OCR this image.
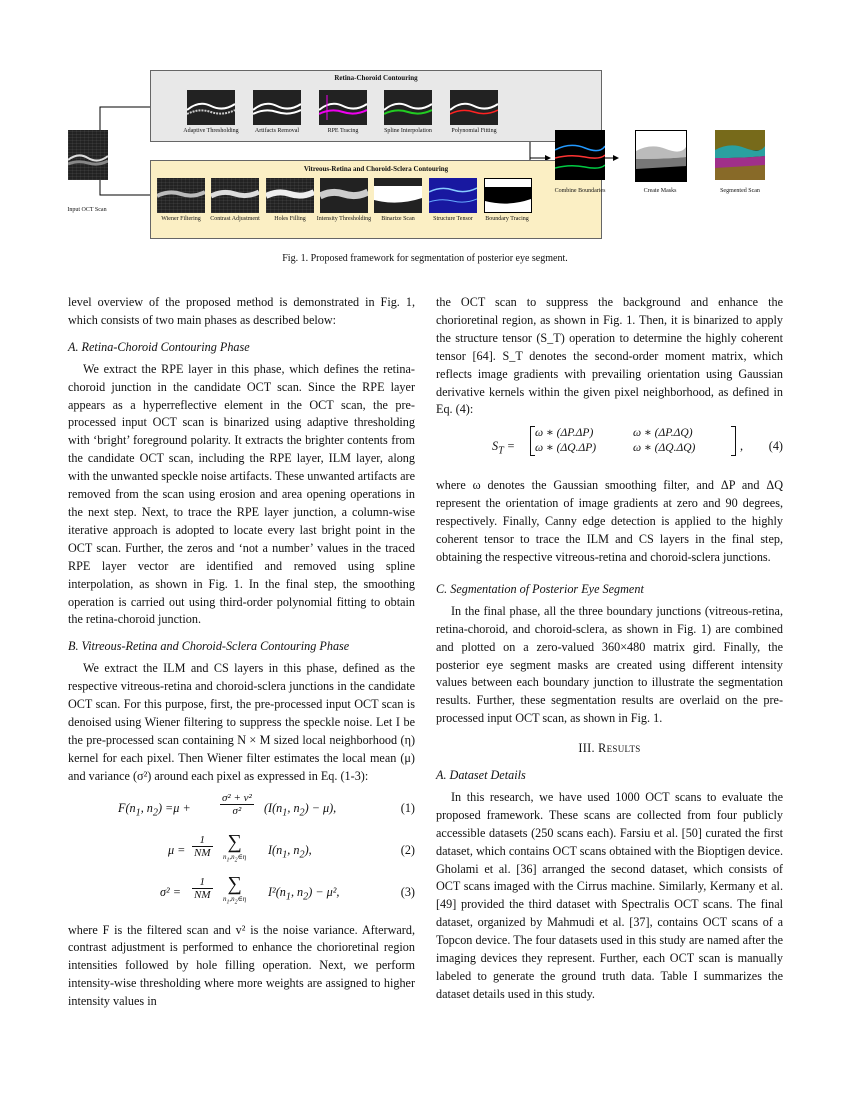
Input OCT Scan
Retina-Choroid Contouring
Adaptive Thresholding	Artifacts Removal	RPE Tracing	Spline Interpolation	Polynomial Fitting
Vitreous-Retina and Choroid-Sclera Contouring
Wiener Filtering	Contrast Adjustment	Holes Filling	Intensity Thresholding	Binarize Scan	Structure Tensor	Boundary Tracing
Combine Boundaries	Create Masks	Segmented Scan
Fig. 1. Proposed framework for segmentation of posterior eye segment.

level overview of the proposed method is demonstrated in Fig. 1, which consists of two main phases as described below:

A. Retina-Choroid Contouring Phase

We extract the RPE layer in this phase, which defines the retina-choroid junction in the candidate OCT scan. Since the RPE layer appears as a hyperreflective element in the OCT scan, the pre-processed input OCT scan is binarized using adaptive thresholding with ‘bright’ foreground polarity. It extracts the brighter contents from the candidate OCT scan, including the RPE layer, ILM layer, along with the unwanted speckle noise artifacts. These unwanted artifacts are removed from the scan using erosion and area opening operations in the next step. Next, to trace the RPE layer junction, a column-wise iterative approach is adopted to locate every last bright point in the OCT scan. Further, the zeros and ‘not a number’ values in the traced RPE layer vector are identified and removed using spline interpolation, as shown in Fig. 1. In the final step, the smoothing operation is carried out using third-order polynomial fitting to obtain the retina-choroid junction.

B. Vitreous-Retina and Choroid-Sclera Contouring Phase

We extract the ILM and CS layers in this phase, defined as the respective vitreous-retina and choroid-sclera junctions in the candidate OCT scan. For this purpose, first, the pre-processed input OCT scan is denoised using Wiener filtering to suppress the speckle noise. Let I be the pre-processed scan containing N × M sized local neighborhood (η) kernel for each pixel. Then Wiener filter estimates the local mean (μ) and variance (σ²) around each pixel as expressed in Eq. (1-3):

$F(n_1$, $n_2) =\mu$ +	$\frac{\text{σ² + v²}}{\text{σ²}} (I(n_1$, $n_2) - \mu$),	(1)
$\mu = \frac{1}{NM}$ ∑
$n_1,n_2\in\eta$ $I(n_1$, $n_2$),	(2)
$\sigma^2 = \frac{1}{NM}$ ∑
$n_1,n_2\in\eta$ $I^2(n_1$, $n_2) - \mu^2$,	(3)

where F is the filtered scan and v² is the noise variance. Afterward, contrast adjustment is performed to enhance the chorioretinal region intensities followed by hole filling operation. Next, we perform intensity-wise thresholding where more weights are assigned to higher intensity values in

the OCT scan to suppress the background and enhance the chorioretinal region, as shown in Fig. 1. Then, it is binarized to apply the structure tensor (S_T) operation to determine the highly coherent tensor [64]. S_T denotes the second-order moment matrix, which reflects image gradients with prevailing orientation using Gaussian derivative kernels within the given pixel neighborhood, as defined in Eq. (4):

$S_T$ =
ω ∗ (ΔP.ΔP)	ω ∗ (ΔP.ΔQ)
ω ∗ (ΔQ.ΔP)	ω ∗ (ΔQ.ΔQ)	, (4)

where ω denotes the Gaussian smoothing filter, and ΔP and ΔQ represent the orientation of image gradients at zero and 90 degrees, respectively. Finally, Canny edge detection is applied to the highly coherent tensor to trace the ILM and CS layers in the final step, obtaining the respective vitreous-retina and choroid-sclera junctions.

C. Segmentation of Posterior Eye Segment

In the final phase, all the three boundary junctions (vitreous-retina, retina-choroid, and choroid-sclera, as shown in Fig. 1) are combined and plotted on a zero-valued 360×480 matrix gird. Finally, the posterior eye segment masks are created using different intensity values between each boundary junction to illustrate the segmentation results. Further, these segmentation results are overlaid on the pre-processed input OCT scan, as shown in Fig. 1.

III. Results

A. Dataset Details

In this research, we have used 1000 OCT scans to evaluate the proposed framework. These scans are collected from four publicly accessible datasets (250 scans each). Farsiu et al. [50] curated the first dataset, which contains OCT scans obtained with the Bioptigen device. Gholami et al. [36] arranged the second dataset, which consists of OCT scans imaged with the Cirrus machine. Similarly, Kermany et al. [49] provided the third dataset with Spectralis OCT scans. The final dataset, organized by Mahmudi et al. [37], contains OCT scans of a Topcon device. The four datasets used in this study are named after the imaging devices they represent. Further, each OCT scan is manually labeled to generate the ground truth data. Table I summarizes the dataset details used in this study.
